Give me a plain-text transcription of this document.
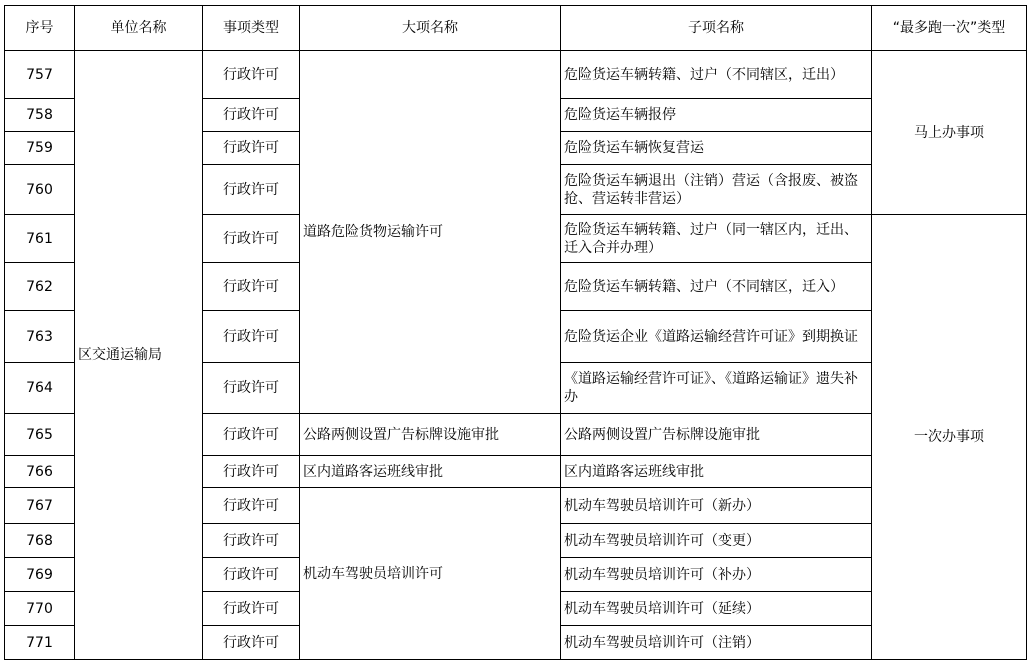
序号	单位名称	事项类型	大项名称	子项名称	“最多跑一次”类型
757	区交通运输局	行政许可	道路危险货物运输许可	危险货运车辆转籍、过户（不同辖区，迁出）	马上办事项
758		行政许可		危险货运车辆报停	
759		行政许可		危险货运车辆恢复营运	
760		行政许可		危险货运车辆退出（注销）营运（含报废、被盗抢、营运转非营运）	
761		行政许可		危险货运车辆转籍、过户（同一辖区内，迁出、迁入合并办理）	一次办事项
762		行政许可		危险货运车辆转籍、过户（不同辖区，迁入）	
763		行政许可		危险货运企业《道路运输经营许可证》到期换证	
764		行政许可		《道路运输经营许可证》、《道路运输证》遗失补办	
765		行政许可	公路两侧设置广告标牌设施审批	公路两侧设置广告标牌设施审批	
766		行政许可	区内道路客运班线审批	区内道路客运班线审批	
767		行政许可	机动车驾驶员培训许可	机动车驾驶员培训许可（新办）	
768		行政许可		机动车驾驶员培训许可（变更）	
769		行政许可		机动车驾驶员培训许可（补办）	
770		行政许可		机动车驾驶员培训许可（延续）	
771		行政许可		机动车驾驶员培训许可（注销）	
